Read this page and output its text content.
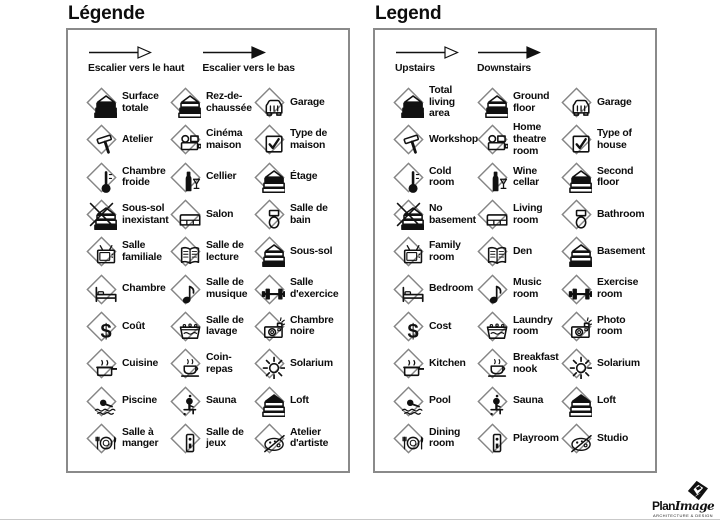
Légende
Escalier vers le haut Escalier vers le bas
Surface totale
Rez-de-chaussée
Garage
Atelier
Cinéma maison
Type de maison
Chambre froide
Cellier	Étage
Sous-sol inexistant
Salon
Salle de bain
Salle familiale
Salle de lecture
Sous-sol
Chambre
Salle de musique
Salle d'exercice
Coût
Salle de lavage
Chambre noire
Cuisine
Coin-repas
Solarium
Piscine	Sauna	Loft
Salle à manger
Salle de jeux
Atelier d'artiste
Legend
Upstairs	Downstairs
Total living area
Ground floor
Garage
Workshop
Home theatre room
Type of house
Cold room
Wine cellar
Second floor
No basement
Living room
Bathroom
Family room
Den	Basement
Bedroom
Music room
Exercise room
Cost
Laundry room
Photo room
Kitchen
Breakfast nook
Solarium
Pool	Sauna	Loft
Dining room
Playroom	Studio
PlanImage
ARCHITECTURE & DESIGN
